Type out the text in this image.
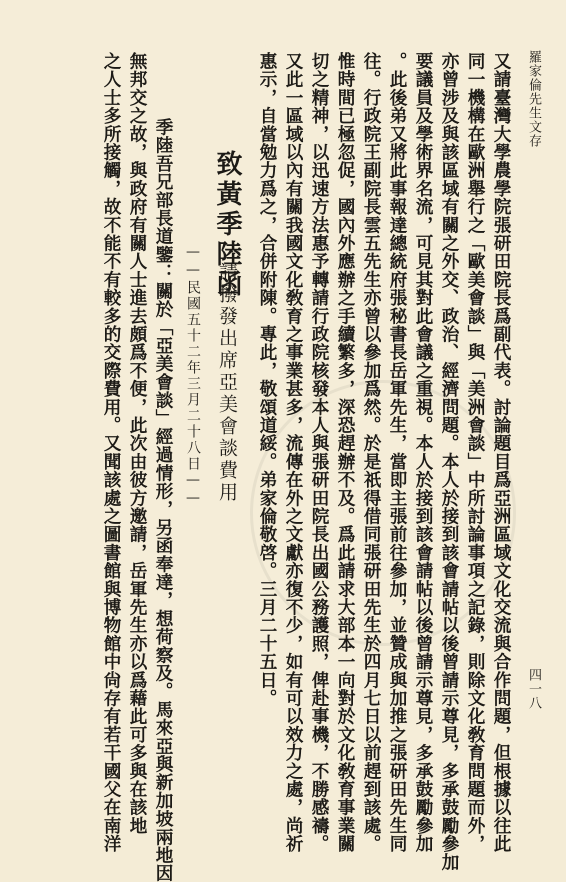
羅家倫先生文存
四一八
又請臺灣大學農學院張研田院長爲副代表。討論題目爲亞洲區域文化交流與合作問題，但根據以往此
同一機構在歐洲舉行之「歐美會談」與「美洲會談」中所討論事項之記錄，則除文化敎育問題而外，
亦曾涉及與該區域有關之外交、政治、經濟問題。本人於接到該會請帖以後曾請示尊見，多承鼓勵參加
要議員及學術界名流，可見其對此會議之重視。本人於接到該會請帖以後曾請示尊見，多承鼓勵參加
。此後弟又將此事報達總統府張秘書長岳軍先生，當即主張前往參加，並贊成與加推之張研田先生同
往。行政院王副院長雲五先生亦曾以參加爲然。於是祇得借同張研田先生於四月七日以前趕到該處。
惟時間已極忽促，國內外應辦之手續繁多，深恐趕辦不及。爲此請求大部本一向對於文化敎育事業關
切之精神，以迅速方法惠予轉請行政院核發本人與張研田院長出國公務護照，俾赴事機，不勝感禱。
又此一區域以內有關我國文化敎育之事業甚多，流傳在外之文獻亦復不少，如有可以效力之處，尚祈
惠示，自當勉力爲之，合併附陳。專此，敬頌道綏。弟家倫敬啓。三月二十五日。
致黃季陸函
請撥發出席亞美會談費用
——民國五十二年三月二十八日——
季陸吾兄部長道鑒：關於「亞美會談」經過情形，另函奉達，想荷察及。馬來亞與新加坡兩地因
無邦交之故，與政府有關人士進去頗爲不便，此次由彼方邀請，岳軍先生亦以爲藉此可多與在該地
之人士多所接觸，故不能不有較多的交際費用。又聞該處之圖書館與博物館中尙存有若干國父在南洋
